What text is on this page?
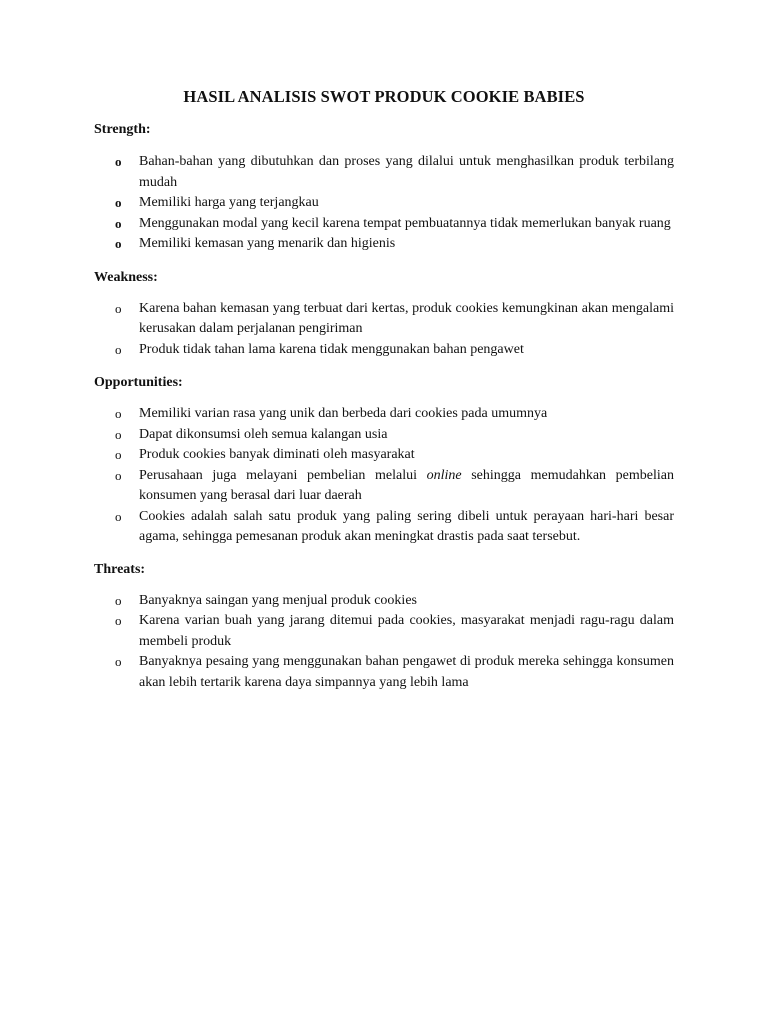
HASIL ANALISIS SWOT PRODUK COOKIE BABIES
Strength:
o Bahan-bahan yang dibutuhkan dan proses yang dilalui untuk menghasilkan produk terbilang mudah
o Memiliki harga yang terjangkau
o Menggunakan modal yang kecil karena tempat pembuatannya tidak memerlukan banyak ruang
o Memiliki kemasan yang menarik dan higienis
Weakness:
o Karena bahan kemasan yang terbuat dari kertas, produk cookies kemungkinan akan mengalami kerusakan dalam perjalanan pengiriman
o Produk tidak tahan lama karena tidak menggunakan bahan pengawet
Opportunities:
o Memiliki varian rasa yang unik dan berbeda dari cookies pada umumnya
o Dapat dikonsumsi oleh semua kalangan usia
o Produk cookies banyak diminati oleh masyarakat
o Perusahaan juga melayani pembelian melalui online sehingga memudahkan pembelian konsumen yang berasal dari luar daerah
o Cookies adalah salah satu produk yang paling sering dibeli untuk perayaan hari-hari besar agama, sehingga pemesanan produk akan meningkat drastis pada saat tersebut.
Threats:
o Banyaknya saingan yang menjual produk cookies
o Karena varian buah yang jarang ditemui pada cookies, masyarakat menjadi ragu-ragu dalam membeli produk
o Banyaknya pesaing yang menggunakan bahan pengawet di produk mereka sehingga konsumen akan lebih tertarik karena daya simpannya yang lebih lama
